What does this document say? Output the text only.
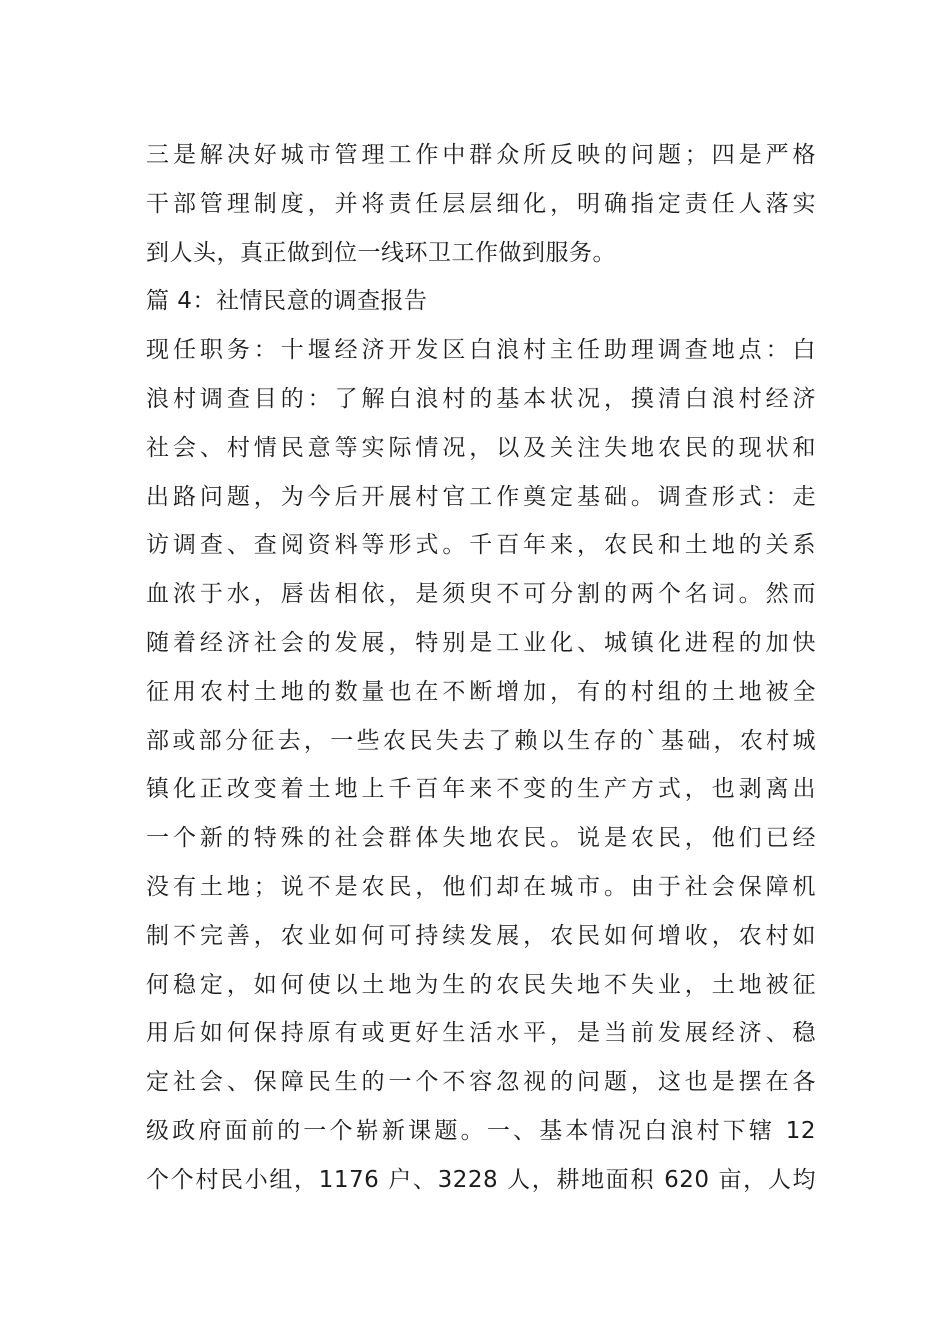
三是解决好城市管理工作中群众所反映的问题；四是严格
干部管理制度，并将责任层层细化，明确指定责任人落实
到人头，真正做到位一线环卫工作做到服务。
篇 4：社情民意的调查报告
现任职务：十堰经济开发区白浪村主任助理调查地点：白
浪村调查目的：了解白浪村的基本状况，摸清白浪村经济
社会、村情民意等实际情况，以及关注失地农民的现状和
出路问题，为今后开展村官工作奠定基础。调查形式：走
访调查、查阅资料等形式。千百年来，农民和土地的关系
血浓于水，唇齿相依，是须臾不可分割的两个名词。然而
随着经济社会的发展，特别是工业化、城镇化进程的加快
征用农村土地的数量也在不断增加，有的村组的土地被全
部或部分征去，一些农民失去了赖以生存的`基础，农村城
镇化正改变着土地上千百年来不变的生产方式，也剥离出
一个新的特殊的社会群体失地农民。说是农民，他们已经
没有土地；说不是农民，他们却在城市。由于社会保障机
制不完善，农业如何可持续发展，农民如何增收，农村如
何稳定，如何使以土地为生的农民失地不失业，土地被征
用后如何保持原有或更好生活水平，是当前发展经济、稳
定社会、保障民生的一个不容忽视的问题，这也是摆在各
级政府面前的一个崭新课题。一、基本情况白浪村下辖 12
个个村民小组，1176 户、3228 人，耕地面积 620 亩，人均
